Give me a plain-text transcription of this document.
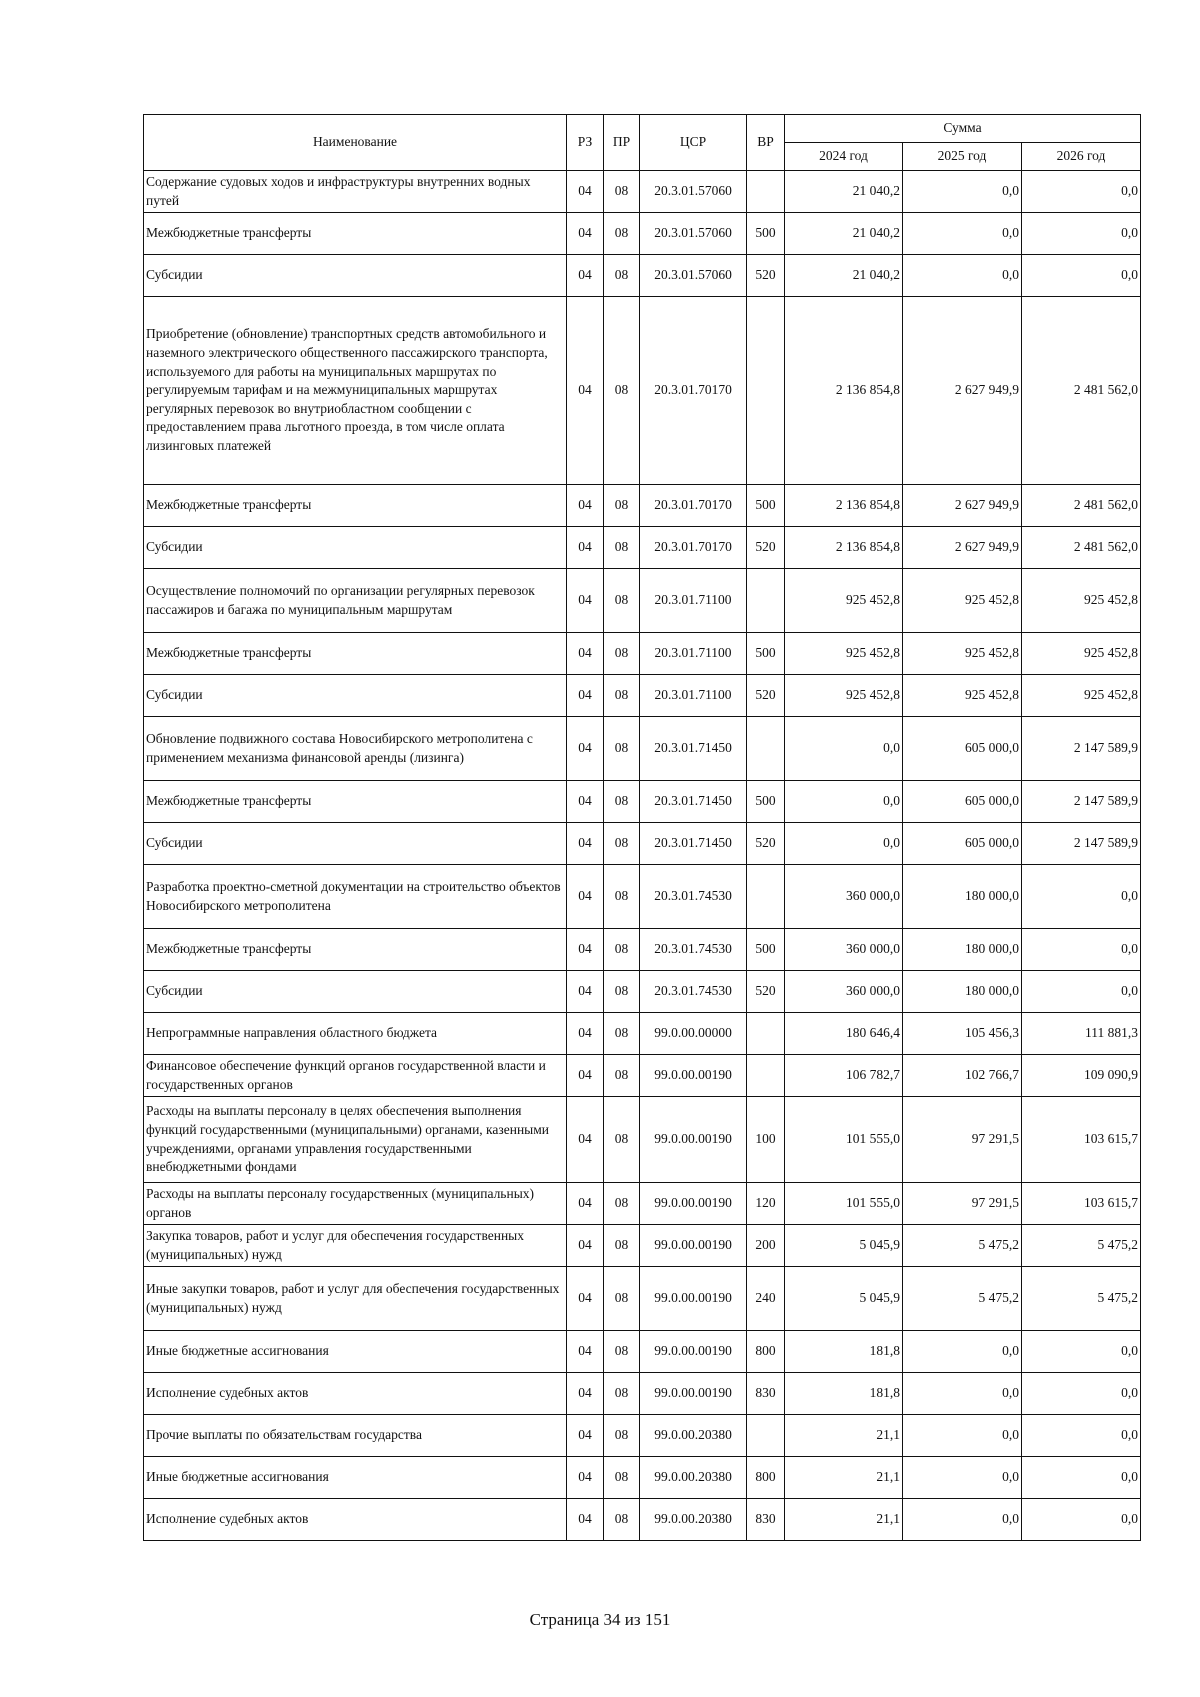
Наименование	РЗ	ПР	ЦСР	ВР	Сумма		
					2024 год	2025 год	2026 год
Содержание судовых ходов и инфраструктуры внутренних водных путей	04	08	20.3.01.57060		21 040,2	0,0	0,0
Межбюджетные трансферты	04	08	20.3.01.57060	500	21 040,2	0,0	0,0
Субсидии	04	08	20.3.01.57060	520	21 040,2	0,0	0,0
Приобретение (обновление) транспортных средств автомобильного и наземного электрического общественного пассажирского транспорта, используемого для работы на муниципальных маршрутах по регулируемым тарифам и на межмуниципальных маршрутах регулярных перевозок во внутриобластном сообщении с предоставлением права льготного проезда, в том числе оплата лизинговых платежей	04	08	20.3.01.70170		2 136 854,8	2 627 949,9	2 481 562,0
Межбюджетные трансферты	04	08	20.3.01.70170	500	2 136 854,8	2 627 949,9	2 481 562,0
Субсидии	04	08	20.3.01.70170	520	2 136 854,8	2 627 949,9	2 481 562,0
Осуществление полномочий по организации регулярных перевозок пассажиров и багажа по муниципальным маршрутам	04	08	20.3.01.71100		925 452,8	925 452,8	925 452,8
Межбюджетные трансферты	04	08	20.3.01.71100	500	925 452,8	925 452,8	925 452,8
Субсидии	04	08	20.3.01.71100	520	925 452,8	925 452,8	925 452,8
Обновление подвижного состава Новосибирского метрополитена с применением механизма финансовой аренды (лизинга)	04	08	20.3.01.71450		0,0	605 000,0	2 147 589,9
Межбюджетные трансферты	04	08	20.3.01.71450	500	0,0	605 000,0	2 147 589,9
Субсидии	04	08	20.3.01.71450	520	0,0	605 000,0	2 147 589,9
Разработка проектно-сметной документации на строительство объектов Новосибирского метрополитена	04	08	20.3.01.74530		360 000,0	180 000,0	0,0
Межбюджетные трансферты	04	08	20.3.01.74530	500	360 000,0	180 000,0	0,0
Субсидии	04	08	20.3.01.74530	520	360 000,0	180 000,0	0,0
Непрограммные направления областного бюджета	04	08	99.0.00.00000		180 646,4	105 456,3	111 881,3
Финансовое обеспечение функций органов государственной власти и государственных органов	04	08	99.0.00.00190		106 782,7	102 766,7	109 090,9
Расходы на выплаты персоналу в целях обеспечения выполнения функций государственными (муниципальными) органами, казенными учреждениями, органами управления государственными внебюджетными фондами	04	08	99.0.00.00190	100	101 555,0	97 291,5	103 615,7
Расходы на выплаты персоналу государственных (муниципальных) органов	04	08	99.0.00.00190	120	101 555,0	97 291,5	103 615,7
Закупка товаров, работ и услуг для обеспечения государственных (муниципальных) нужд	04	08	99.0.00.00190	200	5 045,9	5 475,2	5 475,2
Иные закупки товаров, работ и услуг для обеспечения государственных (муниципальных) нужд	04	08	99.0.00.00190	240	5 045,9	5 475,2	5 475,2
Иные бюджетные ассигнования	04	08	99.0.00.00190	800	181,8	0,0	0,0
Исполнение судебных актов	04	08	99.0.00.00190	830	181,8	0,0	0,0
Прочие выплаты по обязательствам государства	04	08	99.0.00.20380		21,1	0,0	0,0
Иные бюджетные ассигнования	04	08	99.0.00.20380	800	21,1	0,0	0,0
Исполнение судебных актов	04	08	99.0.00.20380	830	21,1	0,0	0,0
Страница 34 из 151
